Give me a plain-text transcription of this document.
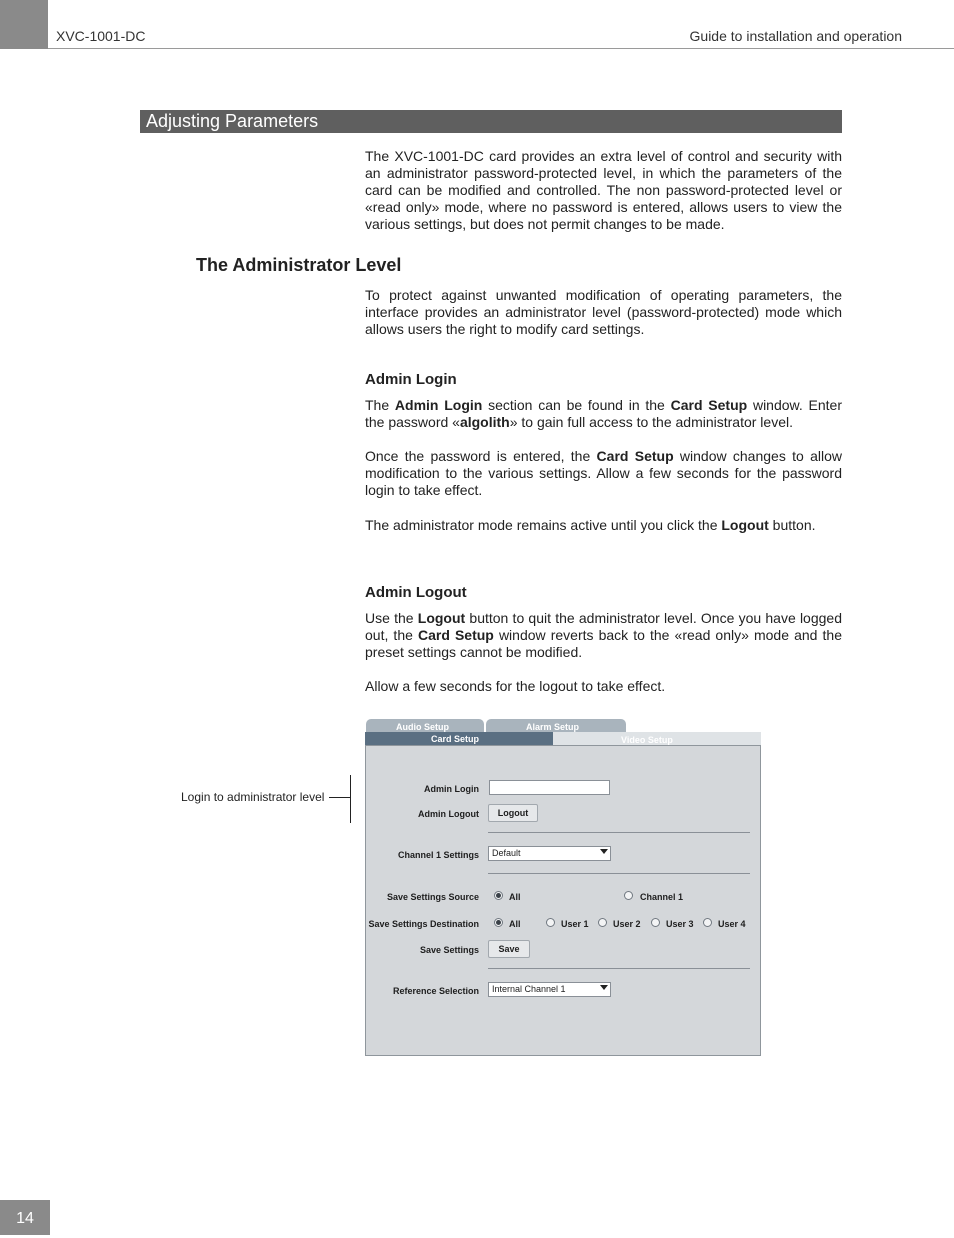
XVC-1001-DC	Guide to installation and operation
Adjusting Parameters

The XVC-1001-DC card provides an extra level of control and security with an administrator password-protected level, in which the parameters of the card can be modified and controlled. The non password-protected level or «read only» mode, where no password is entered, allows users to view the various settings, but does not permit changes to be made.

The Administrator Level

To protect against unwanted modification of operating parameters, the interface provides an administrator level (password-protected) mode which allows users the right to modify card settings.

Admin Login

The Admin Login section can be found in the Card Setup window. Enter the password «algolith» to gain full access to the administrator level.

Once the password is entered, the Card Setup window changes to allow modification to the various settings. Allow a few seconds for the password login to take effect.

The administrator mode remains active until you click the Logout button.

Admin Logout

Use the Logout button to quit the administrator level. Once you have logged out, the Card Setup window reverts back to the «read only» mode and the preset settings cannot be modified.

Allow a few seconds for the logout to take effect.

Audio Setup	Alarm Setup
Video Setup
Card Setup
Admin Login
Admin Logout	Logout
Channel 1 Settings	Default
Save Settings Source	All	Channel 1
Save Settings Destination	All	User 1	User 2	User 3	User 4
Save Settings	Save
Reference Selection	Internal Channel 1
Login to administrator level
14
